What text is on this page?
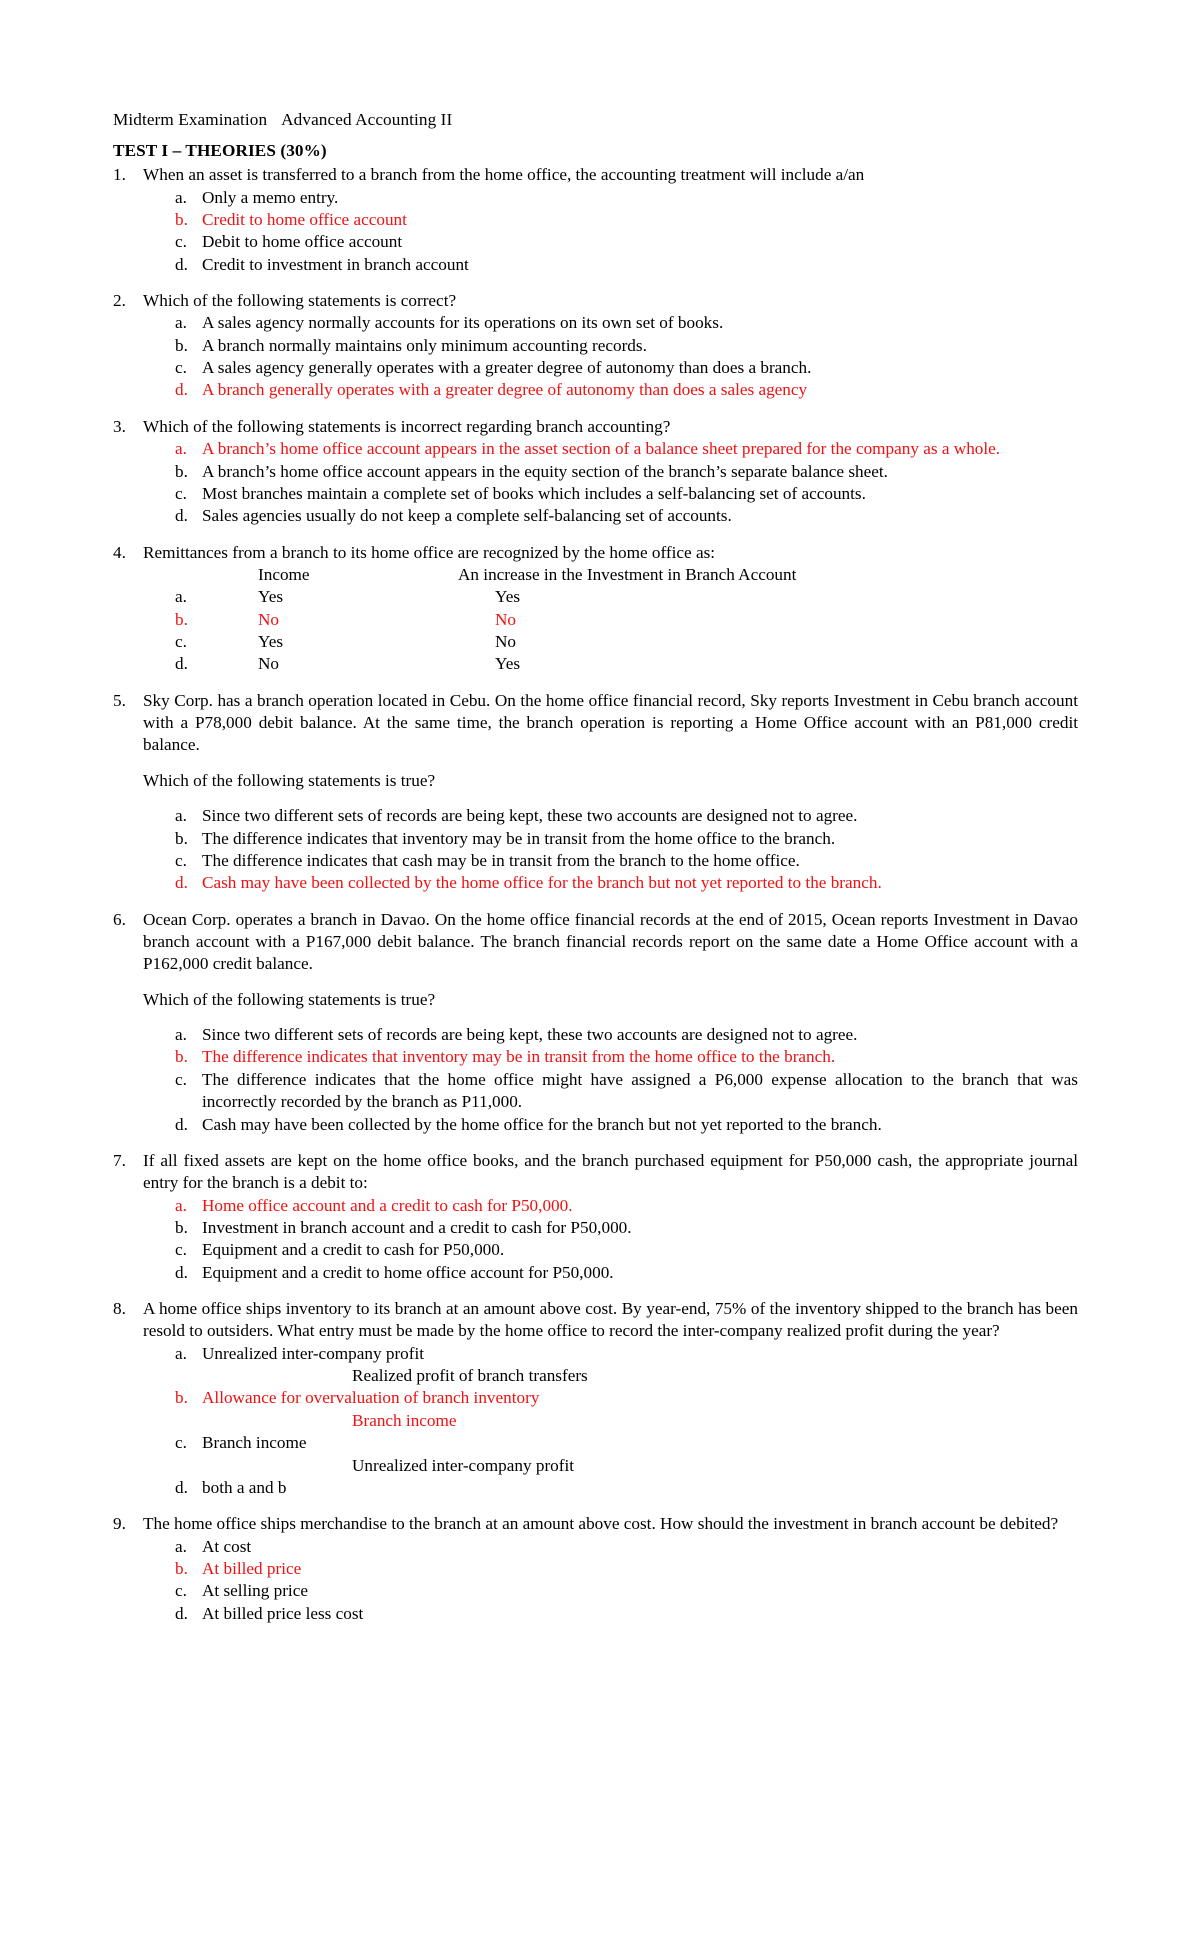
Midterm Examination Advanced Accounting II
TEST I – THEORIES (30%)
1. When an asset is transferred to a branch from the home office, the accounting treatment will include a/an
a. Only a memo entry.
b. Credit to home office account
c. Debit to home office account
d. Credit to investment in branch account
2. Which of the following statements is correct?
a. A sales agency normally accounts for its operations on its own set of books.
b. A branch normally maintains only minimum accounting records.
c. A sales agency generally operates with a greater degree of autonomy than does a branch.
d. A branch generally operates with a greater degree of autonomy than does a sales agency
3. Which of the following statements is incorrect regarding branch accounting?
a. A branch’s home office account appears in the asset section of a balance sheet prepared for the company as a whole.
b. A branch’s home office account appears in the equity section of the branch’s separate balance sheet.
c. Most branches maintain a complete set of books which includes a self-balancing set of accounts.
d. Sales agencies usually do not keep a complete self-balancing set of accounts.
4. Remittances from a branch to its home office are recognized by the home office as:
Income	An increase in the Investment in Branch Account
a.	Yes	Yes
b.	No	No
c.	Yes	No
d.	No	Yes
5. Sky Corp. has a branch operation located in Cebu. On the home office financial record, Sky reports Investment in Cebu branch account with a P78,000 debit balance. At the same time, the branch operation is reporting a Home Office account with an P81,000 credit balance.
Which of the following statements is true?
a. Since two different sets of records are being kept, these two accounts are designed not to agree.
b. The difference indicates that inventory may be in transit from the home office to the branch.
c. The difference indicates that cash may be in transit from the branch to the home office.
d. Cash may have been collected by the home office for the branch but not yet reported to the branch.
6. Ocean Corp. operates a branch in Davao. On the home office financial records at the end of 2015, Ocean reports Investment in Davao branch account with a P167,000 debit balance. The branch financial records report on the same date a Home Office account with a P162,000 credit balance.
Which of the following statements is true?
a. Since two different sets of records are being kept, these two accounts are designed not to agree.
b. The difference indicates that inventory may be in transit from the home office to the branch.
c. The difference indicates that the home office might have assigned a P6,000 expense allocation to the branch that was incorrectly recorded by the branch as P11,000.
d. Cash may have been collected by the home office for the branch but not yet reported to the branch.
7. If all fixed assets are kept on the home office books, and the branch purchased equipment for P50,000 cash, the appropriate journal entry for the branch is a debit to:
a. Home office account and a credit to cash for P50,000.
b. Investment in branch account and a credit to cash for P50,000.
c. Equipment and a credit to cash for P50,000.
d. Equipment and a credit to home office account for P50,000.
8. A home office ships inventory to its branch at an amount above cost. By year-end, 75% of the inventory shipped to the branch has been resold to outsiders. What entry must be made by the home office to record the inter-company realized profit during the year?
a. Unrealized inter-company profit
Realized profit of branch transfers
b. Allowance for overvaluation of branch inventory
Branch income
c. Branch income
Unrealized inter-company profit
d. both a and b
9. The home office ships merchandise to the branch at an amount above cost. How should the investment in branch account be debited?
a. At cost
b. At billed price
c. At selling price
d. At billed price less cost
